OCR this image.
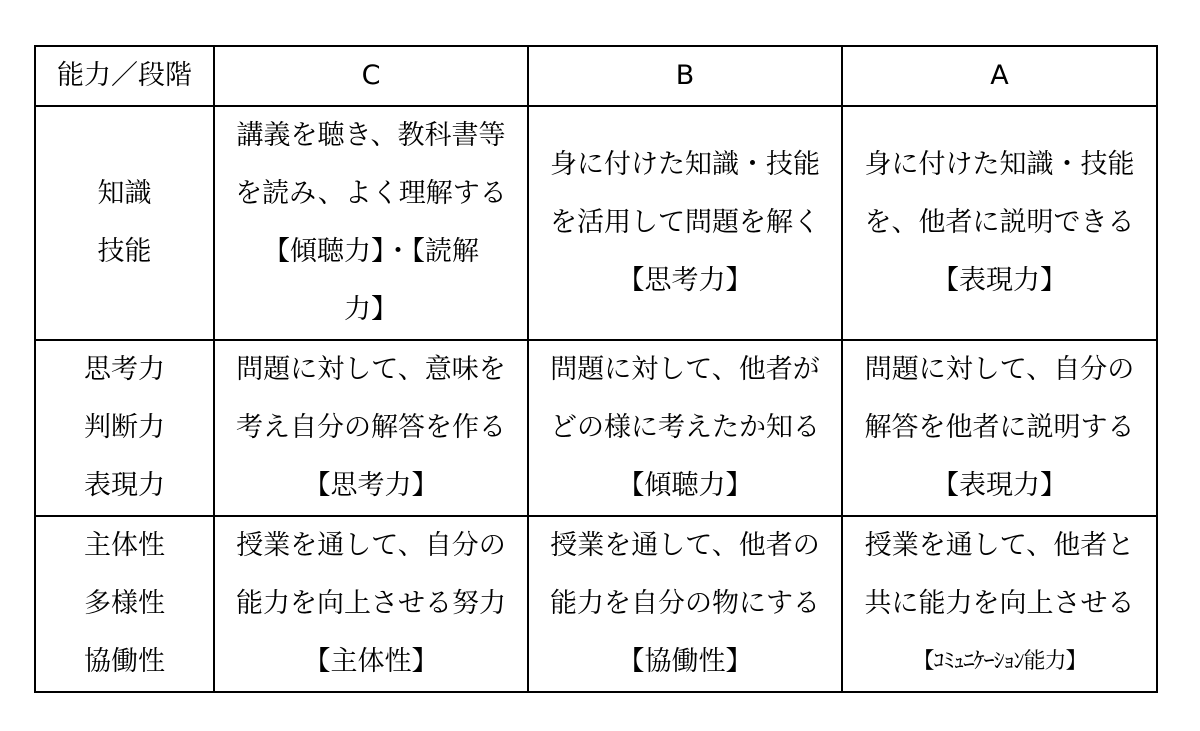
能力／段階	C	B	A

知識
技能	講義を聴き、教科書等
を読み、よく理解する
【傾聴力】・【読解
力】	身に付けた知識・技能
を活用して問題を解く
【思考力】	身に付けた知識・技能
を、他者に説明できる
【表現力】

思考力
判断力
表現力	問題に対して、意味を
考え自分の解答を作る
【思考力】	問題に対して、他者が
どの様に考えたか知る
【傾聴力】	問題に対して、自分の
解答を他者に説明する
【表現力】

主体性
多様性
協働性	授業を通して、自分の
能力を向上させる努力
【主体性】	授業を通して、他者の
能力を自分の物にする
【協働性】	授業を通して、他者と
共に能力を向上させる
【ｺﾐｭﾆｹｰｼｮﾝ能力】
